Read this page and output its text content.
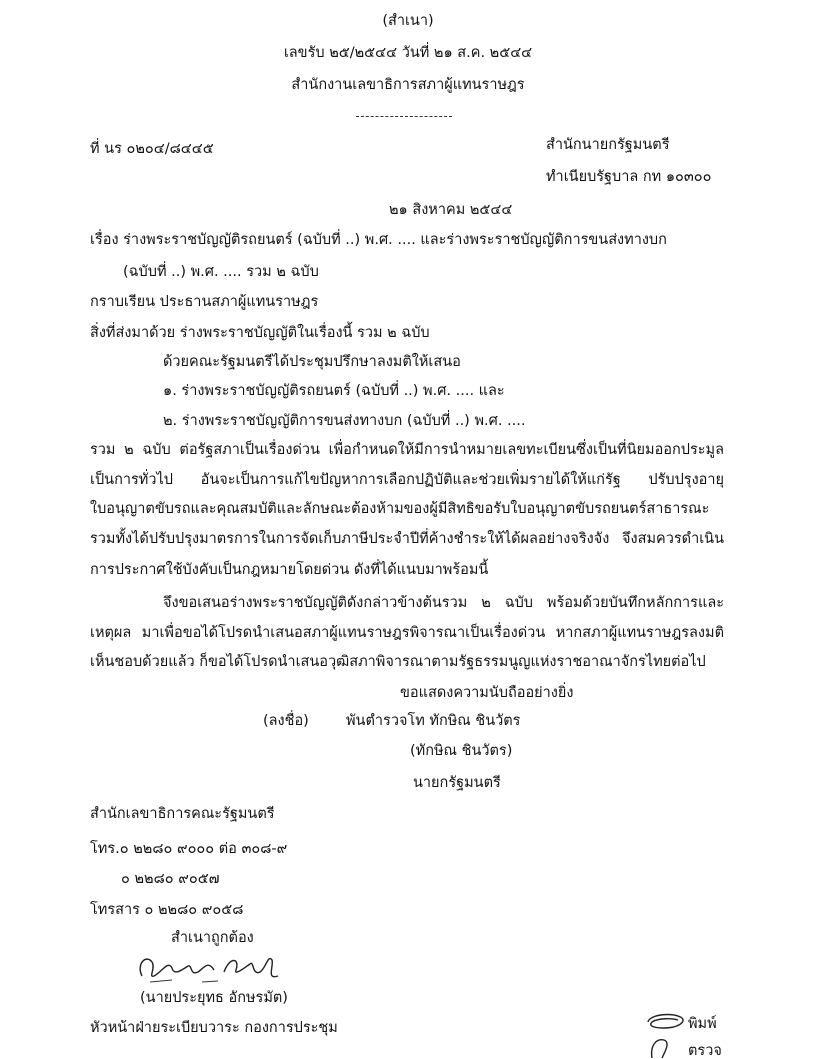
(สำเนา)
เลขรับ ๒๕/๒๕๔๔ วันที่ ๒๑ ส.ค. ๒๕๔๔
สำนักงานเลขาธิการสภาผู้แทนราษฎร
ที่ นร ๐๒๐๔/๘๔๔๕	สำนักนายกรัฐมนตรี
ทำเนียบรัฐบาล กท ๑๐๓๐๐
๒๑ สิงหาคม ๒๕๔๔
เรื่อง ร่างพระราชบัญญัติรถยนตร์ (ฉบับที่ ..) พ.ศ. .... และร่างพระราชบัญญัติการขนส่งทางบก
(ฉบับที่ ..) พ.ศ. .... รวม ๒ ฉบับ
กราบเรียน ประธานสภาผู้แทนราษฎร
สิ่งที่ส่งมาด้วย ร่างพระราชบัญญัติในเรื่องนี้ รวม ๒ ฉบับ
ด้วยคณะรัฐมนตรีได้ประชุมปรึกษาลงมติให้เสนอ
๑. ร่างพระราชบัญญัติรถยนตร์ (ฉบับที่ ..) พ.ศ. .... และ
๒. ร่างพระราชบัญญัติการขนส่งทางบก (ฉบับที่ ..) พ.ศ. ....
รวม ๒ ฉบับ ต่อรัฐสภาเป็นเรื่องด่วน เพื่อกำหนดให้มีการนำหมายเลขทะเบียนซึ่งเป็นที่นิยมออกประมูล
เป็นการทั่วไป อันจะเป็นการแก้ไขปัญหาการเลือกปฏิบัติและช่วยเพิ่มรายได้ให้แก่รัฐ ปรับปรุงอายุ
ใบอนุญาตขับรถและคุณสมบัติและลักษณะต้องห้ามของผู้มีสิทธิขอรับใบอนุญาตขับรถยนตร์สาธารณะ
รวมทั้งได้ปรับปรุงมาตรการในการจัดเก็บภาษีประจำปีที่ค้างชำระให้ได้ผลอย่างจริงจัง จึงสมควรดำเนิน
การประกาศใช้บังคับเป็นกฎหมายโดยด่วน ดังที่ได้แนบมาพร้อมนี้
จึงขอเสนอร่างพระราชบัญญัติดังกล่าวข้างต้นรวม ๒ ฉบับ พร้อมด้วยบันทึกหลักการและ
เหตุผล มาเพื่อขอได้โปรดนำเสนอสภาผู้แทนราษฎรพิจารณาเป็นเรื่องด่วน หากสภาผู้แทนราษฎรลงมติ
เห็นชอบด้วยแล้ว ก็ขอได้โปรดนำเสนอวุฒิสภาพิจารณาตามรัฐธรรมนูญแห่งราชอาณาจักรไทยต่อไป
ขอแสดงความนับถืออย่างยิ่ง
(ลงชื่อ)	พันตำรวจโท ทักษิณ ชินวัตร
(ทักษิณ ชินวัตร)
นายกรัฐมนตรี
สำนักเลขาธิการคณะรัฐมนตรี
โทร.๐ ๒๒๘๐ ๙๐๐๐ ต่อ ๓๐๘-๙
๐ ๒๒๘๐ ๙๐๕๗
โทรสาร ๐ ๒๒๘๐ ๙๐๕๘
สำเนาถูกต้อง
(นายประยุทธ อักษรมัต)
หัวหน้าฝ่ายระเบียบวาระ กองการประชุม	พิมพ์
ตรวจ
